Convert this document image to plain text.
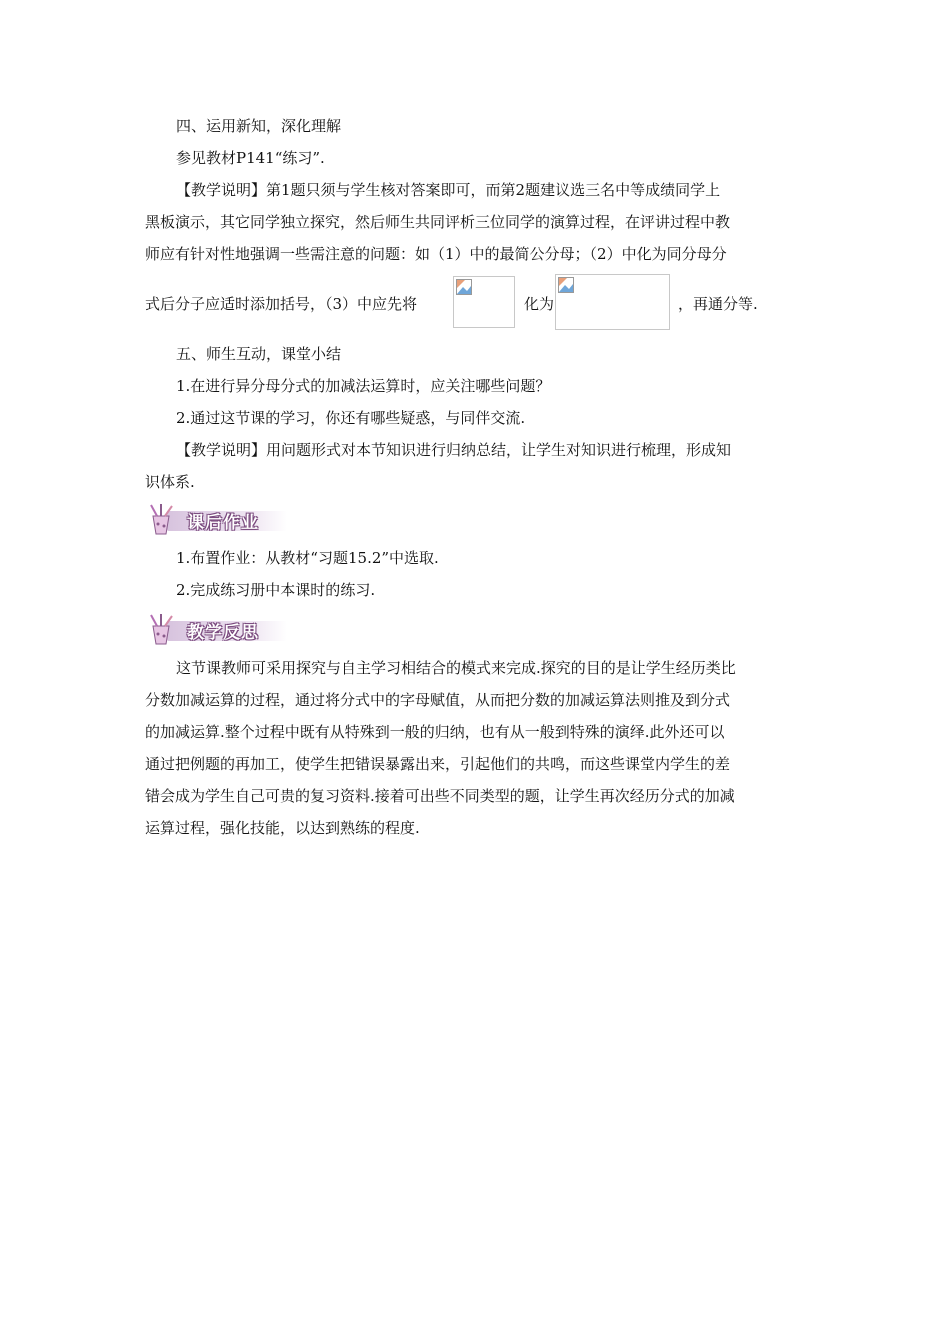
四、运用新知，深化理解
参见教材P141“练习”.
【教学说明】第1题只须与学生核对答案即可，而第2题建议选三名中等成绩同学上
黑板演示，其它同学独立探究，然后师生共同评析三位同学的演算过程，在评讲过程中教
师应有针对性地强调一些需注意的问题：如（1）中的最简公分母；（2）中化为同分母分
式后分子应适时添加括号，（3）中应先将	化为	，再通分等.
五、师生互动，课堂小结
1.在进行异分母分式的加减法运算时，应关注哪些问题？
2.通过这节课的学习，你还有哪些疑惑，与同伴交流.
【教学说明】用问题形式对本节知识进行归纳总结，让学生对知识进行梳理，形成知
识体系.
课后作业
1.布置作业：从教材“习题15.2”中选取.
2.完成练习册中本课时的练习.
教学反思
这节课教师可采用探究与自主学习相结合的模式来完成.探究的目的是让学生经历类比
分数加减运算的过程，通过将分式中的字母赋值，从而把分数的加减运算法则推及到分式
的加减运算.整个过程中既有从特殊到一般的归纳，也有从一般到特殊的演绎.此外还可以
通过把例题的再加工，使学生把错误暴露出来，引起他们的共鸣，而这些课堂内学生的差
错会成为学生自己可贵的复习资料.接着可出些不同类型的题，让学生再次经历分式的加减
运算过程，强化技能，以达到熟练的程度.
